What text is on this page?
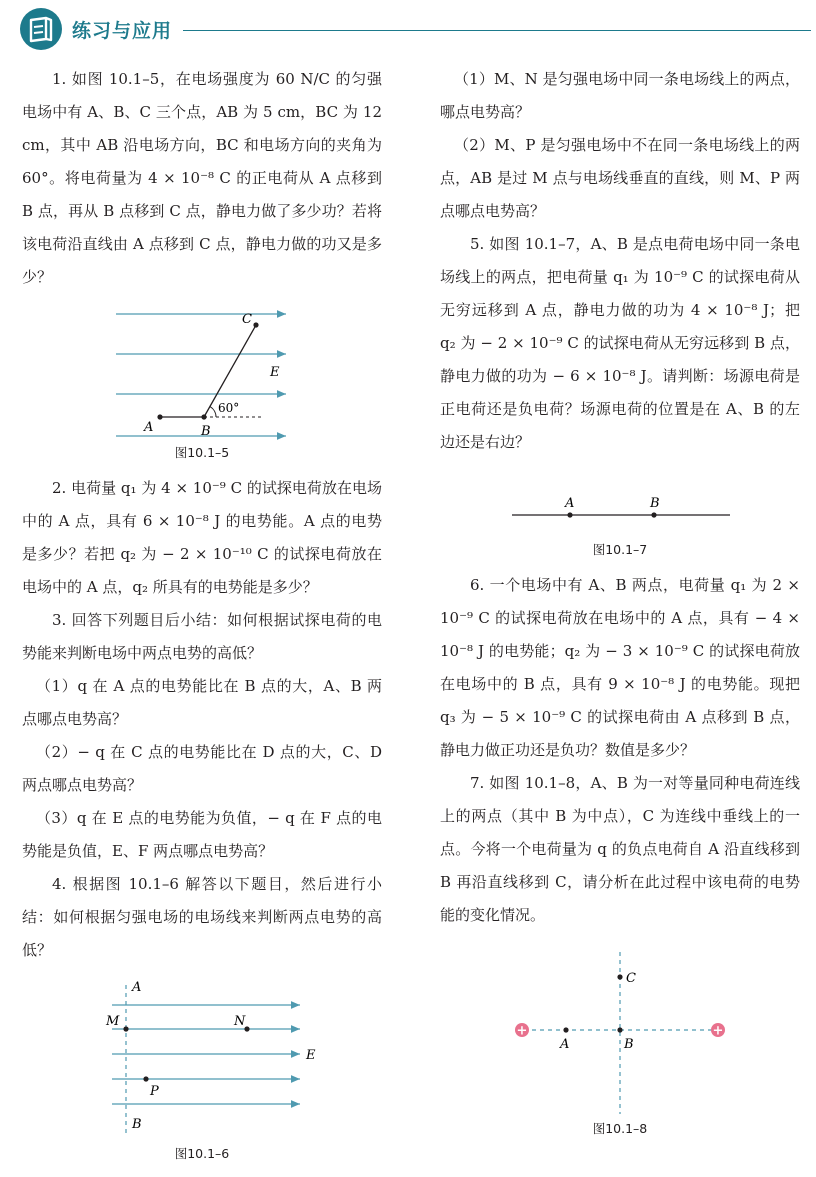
练习与应用

1. 如图 10.1–5，在电场强度为 60 N/C 的匀强电场中有 A、B、C 三个点，AB 为 5 cm，BC 为 12 cm，其中 AB 沿电场方向，BC 和电场方向的夹角为 60°。将电荷量为 4 × 10⁻⁸ C 的正电荷从 A 点移到 B 点，再从 B 点移到 C 点，静电力做了多少功？若将该电荷沿直线由 A 点移到 C 点，静电力做的功又是多少？

A	B
C
E
60°
图10.1–5

2. 电荷量 q₁ 为 4 × 10⁻⁹ C 的试探电荷放在电场中的 A 点，具有 6 × 10⁻⁸ J 的电势能。A 点的电势是多少？若把 q₂ 为 − 2 × 10⁻¹⁰ C 的试探电荷放在电场中的 A 点，q₂ 所具有的电势能是多少？

3. 回答下列题目后小结：如何根据试探电荷的电势能来判断电场中两点电势的高低？

（1）q 在 A 点的电势能比在 B 点的大，A、B 两点哪点电势高？

（2）− q 在 C 点的电势能比在 D 点的大，C、D 两点哪点电势高？

（3）q 在 E 点的电势能为负值，− q 在 F 点的电势能是负值，E、F 两点哪点电势高？

4. 根据图 10.1–6 解答以下题目，然后进行小结：如何根据匀强电场的电场线来判断两点电势的高低？

A
B
M	N
P
E
图10.1–6

（1）M、N 是匀强电场中同一条电场线上的两点，哪点电势高？

（2）M、P 是匀强电场中不在同一条电场线上的两点，AB 是过 M 点与电场线垂直的直线，则 M、P 两点哪点电势高？

5. 如图 10.1–7，A、B 是点电荷电场中同一条电场线上的两点，把电荷量 q₁ 为 10⁻⁹ C 的试探电荷从无穷远移到 A 点，静电力做的功为 4 × 10⁻⁸ J；把 q₂ 为 − 2 × 10⁻⁹ C 的试探电荷从无穷远移到 B 点，静电力做的功为 − 6 × 10⁻⁸ J。请判断：场源电荷是正电荷还是负电荷？场源电荷的位置是在 A、B 的左边还是右边？

A	B
图10.1–7

6. 一个电场中有 A、B 两点，电荷量 q₁ 为 2 × 10⁻⁹ C 的试探电荷放在电场中的 A 点，具有 − 4 × 10⁻⁸ J 的电势能；q₂ 为 − 3 × 10⁻⁹ C 的试探电荷放在电场中的 B 点，具有 9 × 10⁻⁸ J 的电势能。现把 q₃ 为 − 5 × 10⁻⁹ C 的试探电荷由 A 点移到 B 点，静电力做正功还是负功？数值是多少？

7. 如图 10.1–8，A、B 为一对等量同种电荷连线上的两点（其中 B 为中点），C 为连线中垂线上的一点。今将一个电荷量为 q 的负点电荷自 A 沿直线移到 B 再沿直线移到 C，请分析在此过程中该电荷的电势能的变化情况。

+	+
A	B
C
图10.1–8
